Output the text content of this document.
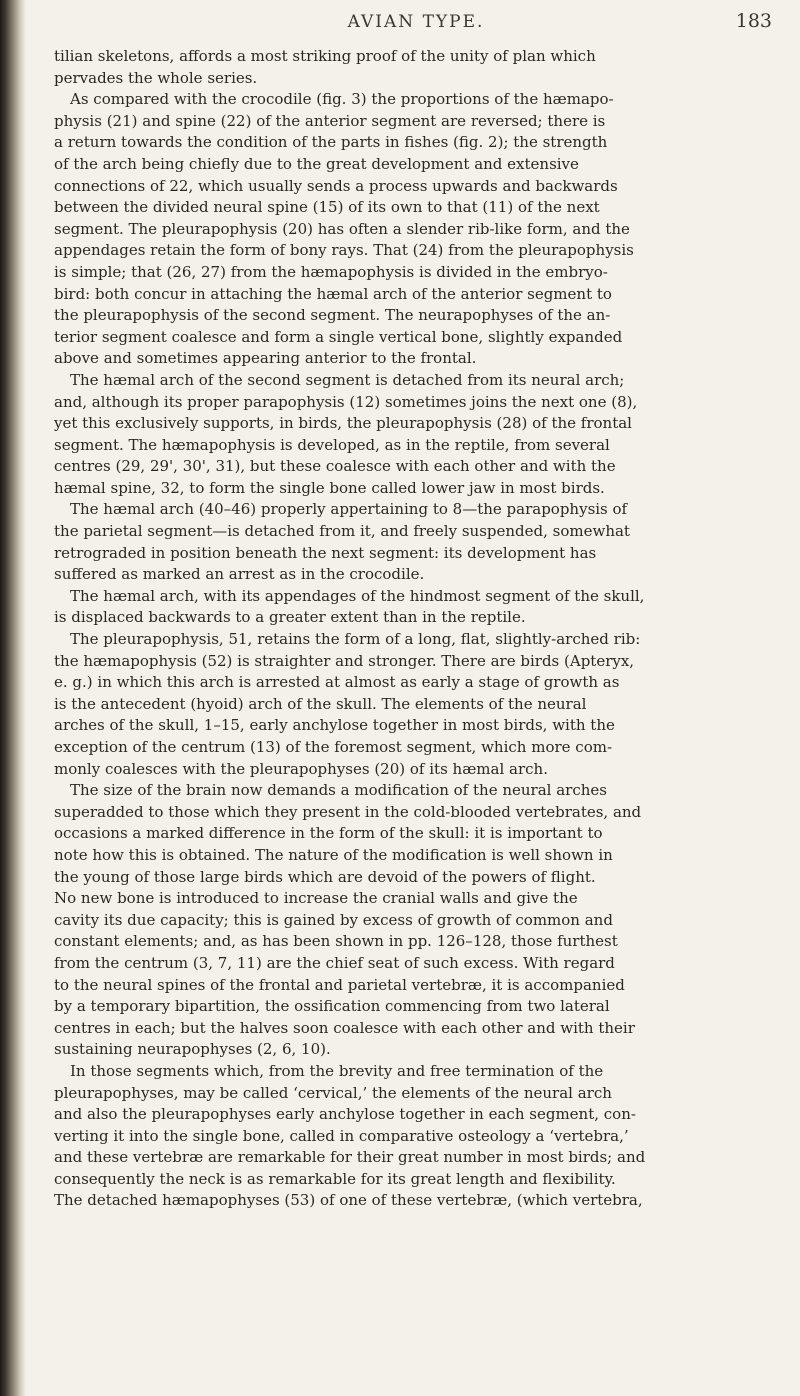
AVIAN TYPE.	183
tilian skeletons, affords a most striking proof of the unity of plan which
pervades the whole series.
As compared with the crocodile (fig. 3) the proportions of the hæmapo-
physis (21) and spine (22) of the anterior segment are reversed; there is
a return towards the condition of the parts in fishes (fig. 2); the strength
of the arch being chiefly due to the great development and extensive
connections of 22, which usually sends a process upwards and backwards
between the divided neural spine (15) of its own to that (11) of the next
segment. The pleurapophysis (20) has often a slender rib-like form, and the
appendages retain the form of bony rays. That (24) from the pleurapophysis
is simple; that (26, 27) from the hæmapophysis is divided in the embryo-
bird: both concur in attaching the hæmal arch of the anterior segment to
the pleurapophysis of the second segment. The neurapophyses of the an-
terior segment coalesce and form a single vertical bone, slightly expanded
above and sometimes appearing anterior to the frontal.
The hæmal arch of the second segment is detached from its neural arch;
and, although its proper parapophysis (12) sometimes joins the next one (8),
yet this exclusively supports, in birds, the pleurapophysis (28) of the frontal
segment. The hæmapophysis is developed, as in the reptile, from several
centres (29, 29', 30', 31), but these coalesce with each other and with the
hæmal spine, 32, to form the single bone called lower jaw in most birds.
The hæmal arch (40–46) properly appertaining to 8—the parapophysis of
the parietal segment—is detached from it, and freely suspended, somewhat
retrograded in position beneath the next segment: its development has
suffered as marked an arrest as in the crocodile.
The hæmal arch, with its appendages of the hindmost segment of the skull,
is displaced backwards to a greater extent than in the reptile.
The pleurapophysis, 51, retains the form of a long, flat, slightly-arched rib:
the hæmapophysis (52) is straighter and stronger. There are birds (Apteryx,
e. g.) in which this arch is arrested at almost as early a stage of growth as
is the antecedent (hyoid) arch of the skull. The elements of the neural
arches of the skull, 1–15, early anchylose together in most birds, with the
exception of the centrum (13) of the foremost segment, which more com-
monly coalesces with the pleurapophyses (20) of its hæmal arch.
The size of the brain now demands a modification of the neural arches
superadded to those which they present in the cold-blooded vertebrates, and
occasions a marked difference in the form of the skull: it is important to
note how this is obtained. The nature of the modification is well shown in
the young of those large birds which are devoid of the powers of flight.
No new bone is introduced to increase the cranial walls and give the
cavity its due capacity; this is gained by excess of growth of common and
constant elements; and, as has been shown in pp. 126–128, those furthest
from the centrum (3, 7, 11) are the chief seat of such excess. With regard
to the neural spines of the frontal and parietal vertebræ, it is accompanied
by a temporary bipartition, the ossification commencing from two lateral
centres in each; but the halves soon coalesce with each other and with their
sustaining neurapophyses (2, 6, 10).
In those segments which, from the brevity and free termination of the
pleurapophyses, may be called ‘cervical,’ the elements of the neural arch
and also the pleurapophyses early anchylose together in each segment, con-
verting it into the single bone, called in comparative osteology a ‘vertebra,’
and these vertebræ are remarkable for their great number in most birds; and
consequently the neck is as remarkable for its great length and flexibility.
The detached hæmapophyses (53) of one of these vertebræ, (which vertebra,
